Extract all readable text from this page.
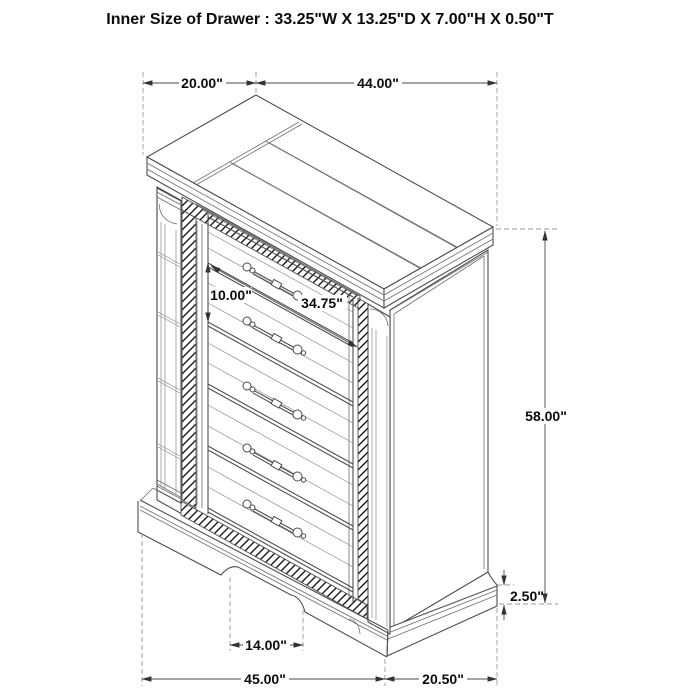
20.00"	44.00"
10.00"	34.75"
58.00"
2.50"
14.00"
45.00"	20.50"
Inner Size of Drawer : 33.25"W X 13.25"D X 7.00"H X 0.50"T
